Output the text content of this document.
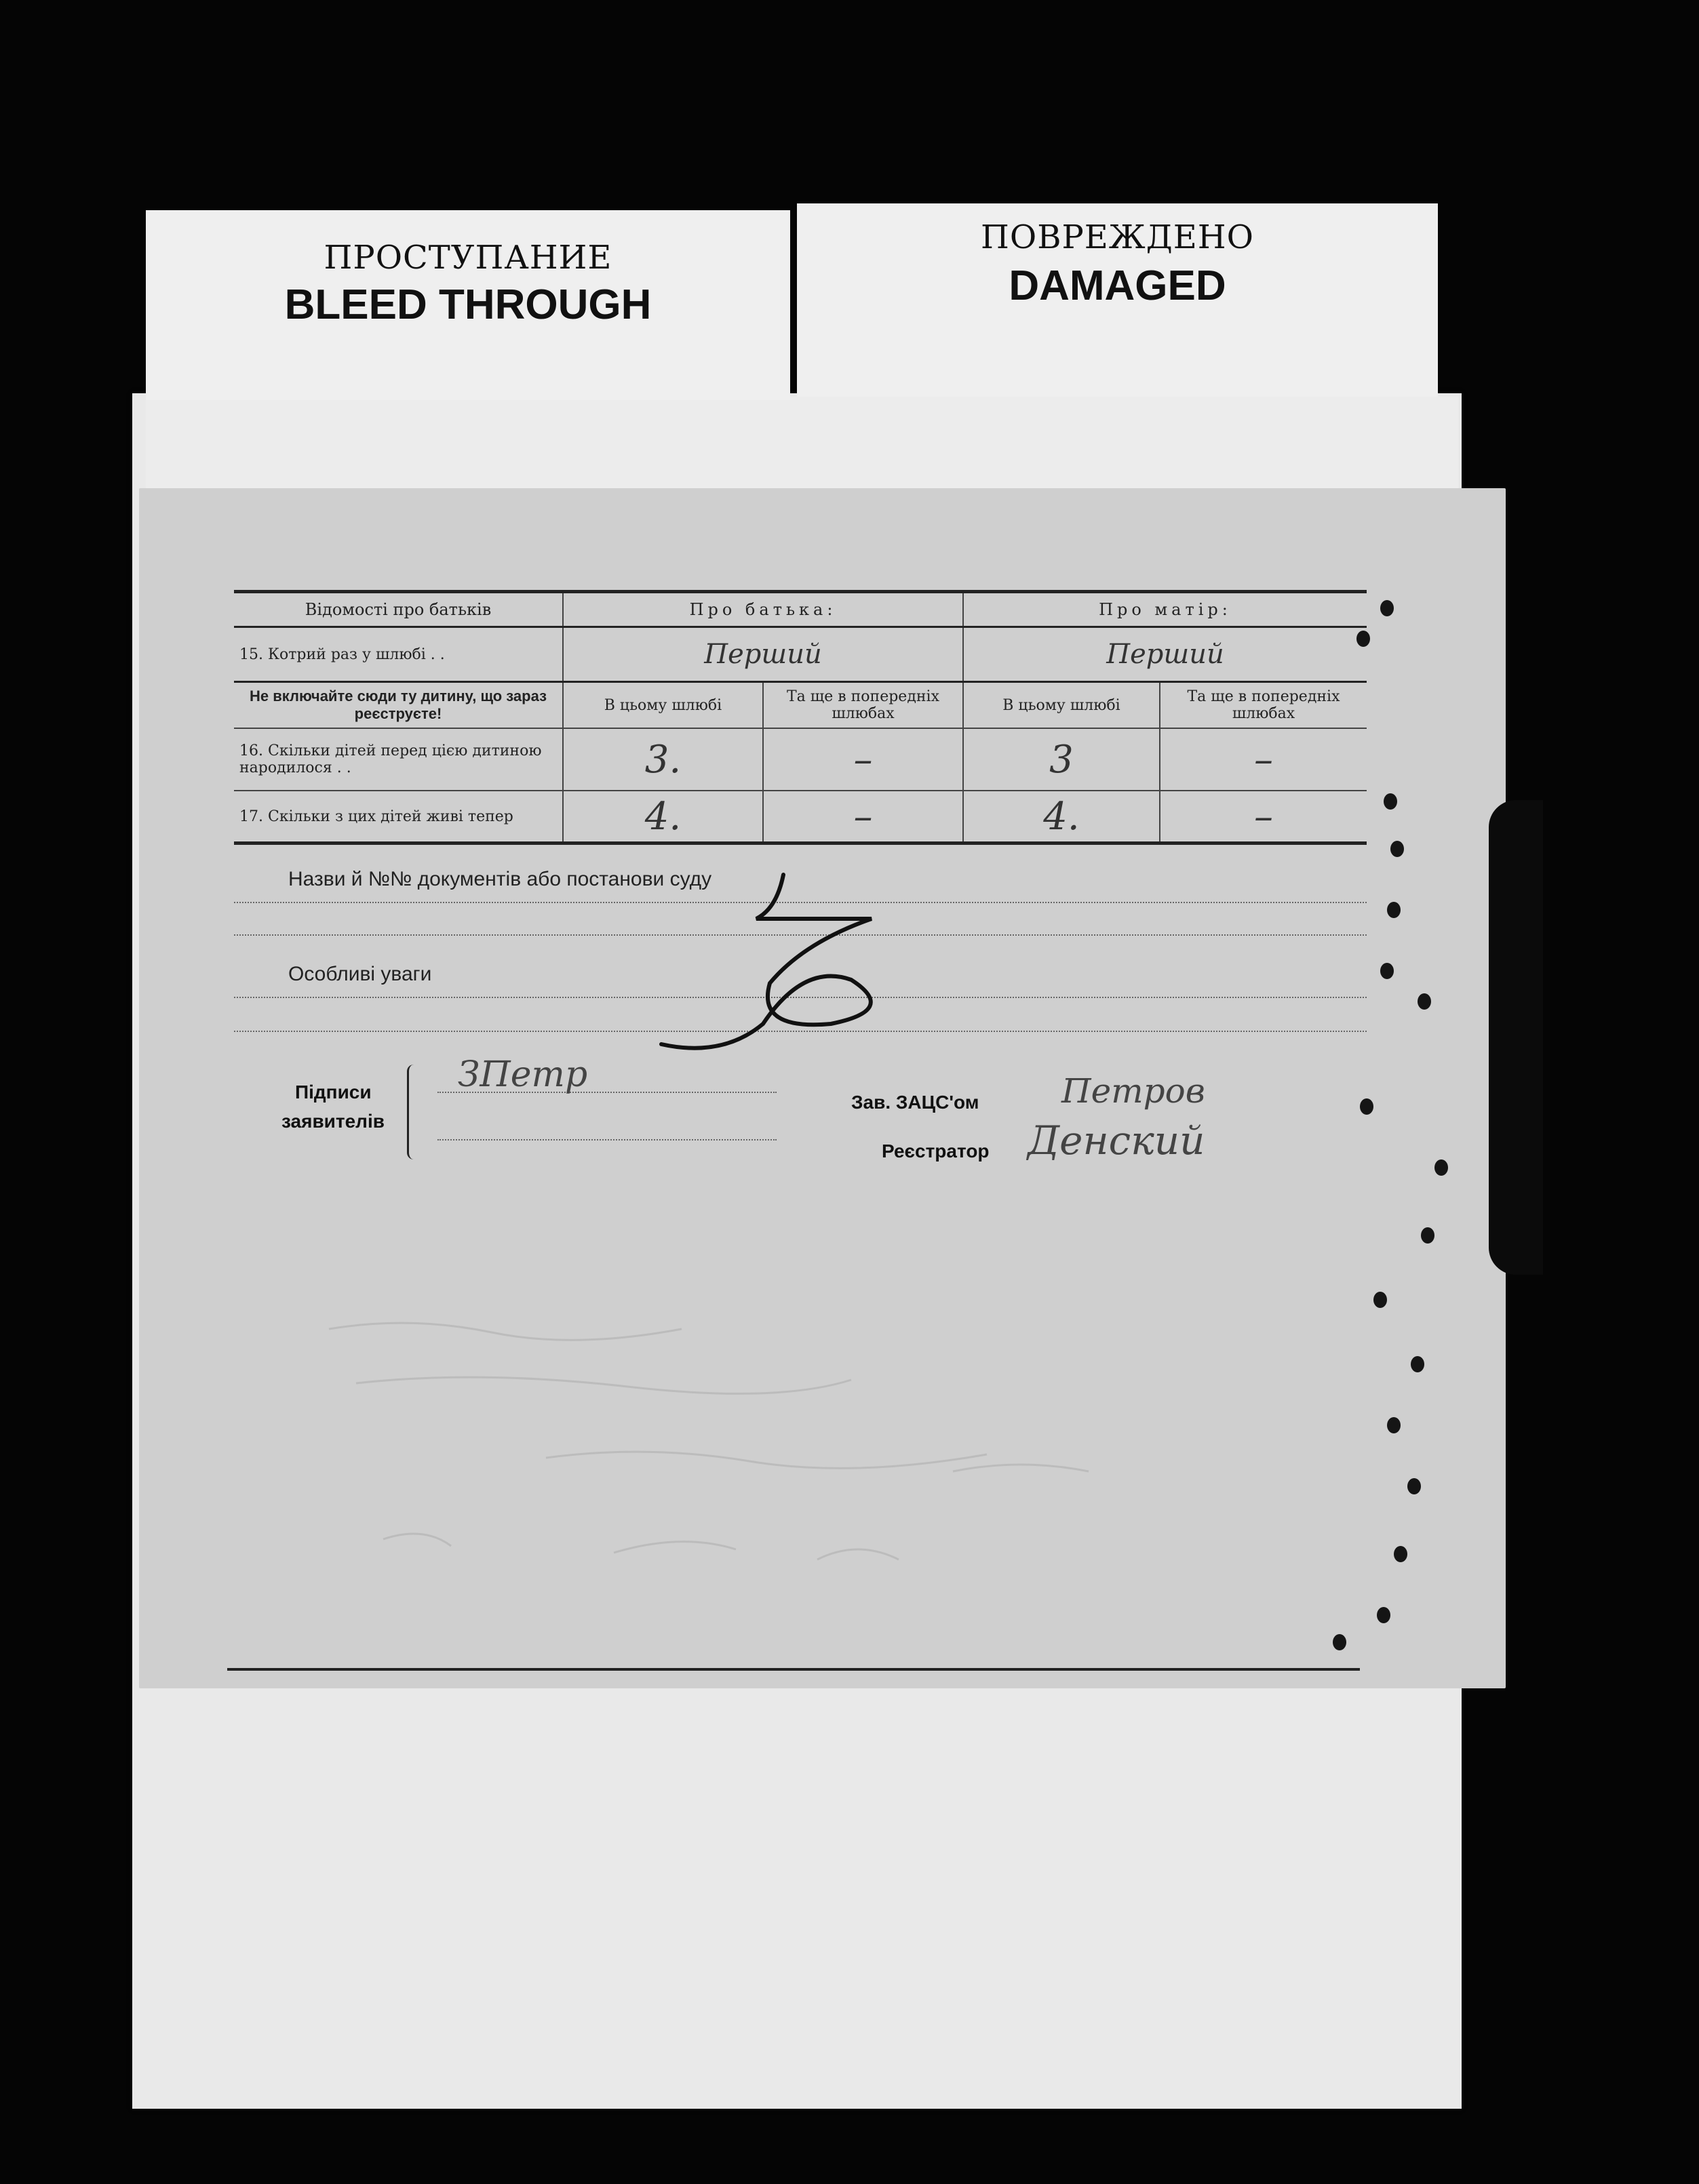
ПРОСТУПАНИЕ
BLEED THROUGH
ПОВРЕЖДЕНО
DAMAGED
Відомості про батьків	Про батька:		Про матір:	
15. Котрий раз у шлюбі . .	Перший		Перший	
Не включайте сюди ту дитину, що зараз реєструєте!	В цьому шлюбі	Та ще в попередніх шлюбах	В цьому шлюбі	Та ще в попередніх шлюбах
16. Скільки дітей перед цією дитиною народилося . .	3.	–	3	–
17. Скільки з цих дітей живі тепер	4.	–	4.	–
Назви й №№ документів або постанови суду
Особливі уваги
Підписи
заявителів
ЗПетр
Зав. ЗАЦС'ом Петров
Реєстратор Денский
